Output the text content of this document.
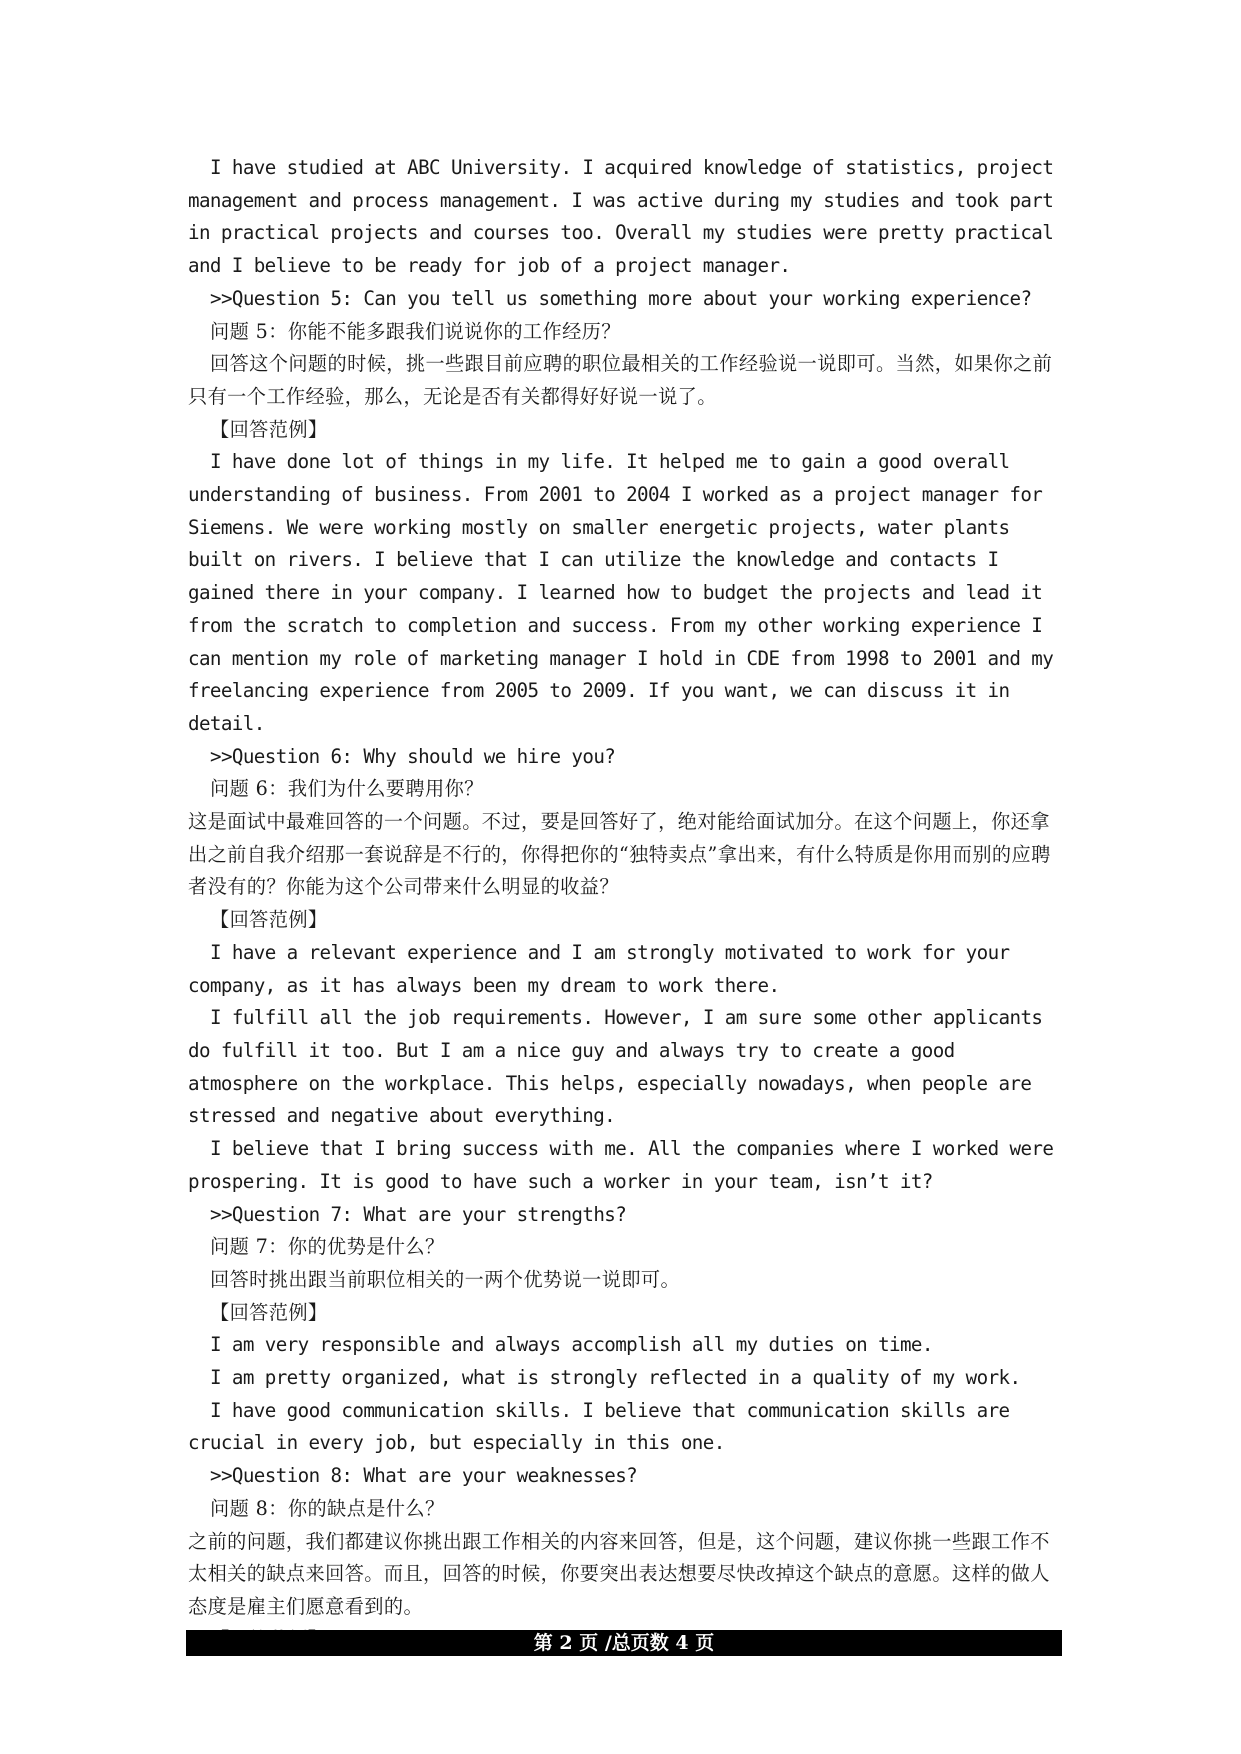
I have studied at ABC University. I acquired knowledge of statistics, project management and process management. I was active during my studies and took part in practical projects and courses too. Overall my studies were pretty practical and I believe to be ready for job of a project manager.

>>Question 5: Can you tell us something more about your working experience?

问题 5：你能不能多跟我们说说你的工作经历？

回答这个问题的时候，挑一些跟目前应聘的职位最相关的工作经验说一说即可。当然，如果你之前只有一个工作经验，那么，无论是否有关都得好好说一说了。

【回答范例】

I have done lot of things in my life. It helped me to gain a good overall understanding of business. From 2001 to 2004 I worked as a project manager for Siemens. We were working mostly on smaller energetic projects, water plants built on rivers. I believe that I can utilize the knowledge and contacts I gained there in your company. I learned how to budget the projects and lead it from the scratch to completion and success. From my other working experience I can mention my role of marketing manager I hold in CDE from 1998 to 2001 and my freelancing experience from 2005 to 2009. If you want, we can discuss it in detail.

>>Question 6: Why should we hire you?

问题 6：我们为什么要聘用你？

这是面试中最难回答的一个问题。不过，要是回答好了，绝对能给面试加分。在这个问题上，你还拿出之前自我介绍那一套说辞是不行的，你得把你的“独特卖点”拿出来，有什么特质是你用而别的应聘者没有的？你能为这个公司带来什么明显的收益？

【回答范例】

I have a relevant experience and I am strongly motivated to work for your company, as it has always been my dream to work there.

I fulfill all the job requirements. However, I am sure some other applicants do fulfill it too. But I am a nice guy and always try to create a good atmosphere on the workplace. This helps, especially nowadays, when people are stressed and negative about everything.

I believe that I bring success with me. All the companies where I worked were prospering. It is good to have such a worker in your team, isn’t it?

>>Question 7: What are your strengths?

问题 7：你的优势是什么？

回答时挑出跟当前职位相关的一两个优势说一说即可。

【回答范例】

I am very responsible and always accomplish all my duties on time.

I am pretty organized, what is strongly reflected in a quality of my work.

I have good communication skills. I believe that communication skills are crucial in every job, but especially in this one.

>>Question 8: What are your weaknesses?

问题 8：你的缺点是什么？

之前的问题，我们都建议你挑出跟工作相关的内容来回答，但是，这个问题，建议你挑一些跟工作不太相关的缺点来回答。而且，回答的时候，你要突出表达想要尽快改掉这个缺点的意愿。这样的做人态度是雇主们愿意看到的。

第 2 页 /总页数 4 页
